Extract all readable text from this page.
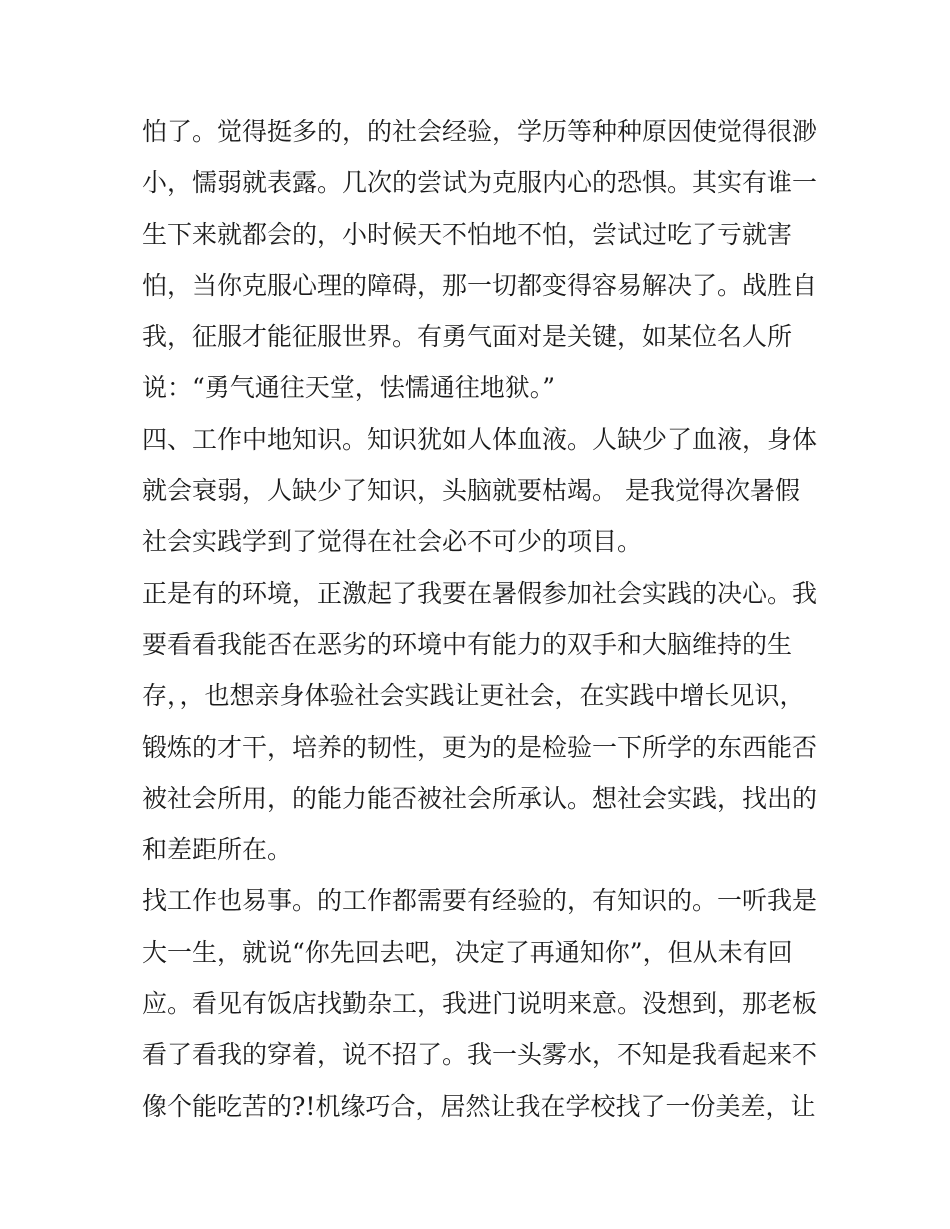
怕了。觉得挺多的，的社会经验，学历等种种原因使觉得很渺
小，懦弱就表露。几次的尝试为克服内心的恐惧。其实有谁一
生下来就都会的，小时候天不怕地不怕，尝试过吃了亏就害
怕，当你克服心理的障碍，那一切都变得容易解决了。战胜自
我，征服才能征服世界。有勇气面对是关键，如某位名人所
说：“勇气通往天堂，怯懦通往地狱。”
四、工作中地知识。知识犹如人体血液。人缺少了血液，身体
就会衰弱，人缺少了知识，头脑就要枯竭。 是我觉得次暑假
社会实践学到了觉得在社会必不可少的项目。
正是有的环境，正激起了我要在暑假参加社会实践的决心。我
要看看我能否在恶劣的环境中有能力的双手和大脑维持的生
存，，也想亲身体验社会实践让更社会，在实践中增长见识，
锻炼的才干，培养的韧性，更为的是检验一下所学的东西能否
被社会所用，的能力能否被社会所承认。想社会实践，找出的
和差距所在。
找工作也易事。的工作都需要有经验的，有知识的。一听我是
大一生，就说“你先回去吧，决定了再通知你”，但从未有回
应。看见有饭店找勤杂工，我进门说明来意。没想到，那老板
看了看我的穿着，说不招了。我一头雾水，不知是我看起来不
像个能吃苦的?!机缘巧合，居然让我在学校找了一份美差，让
